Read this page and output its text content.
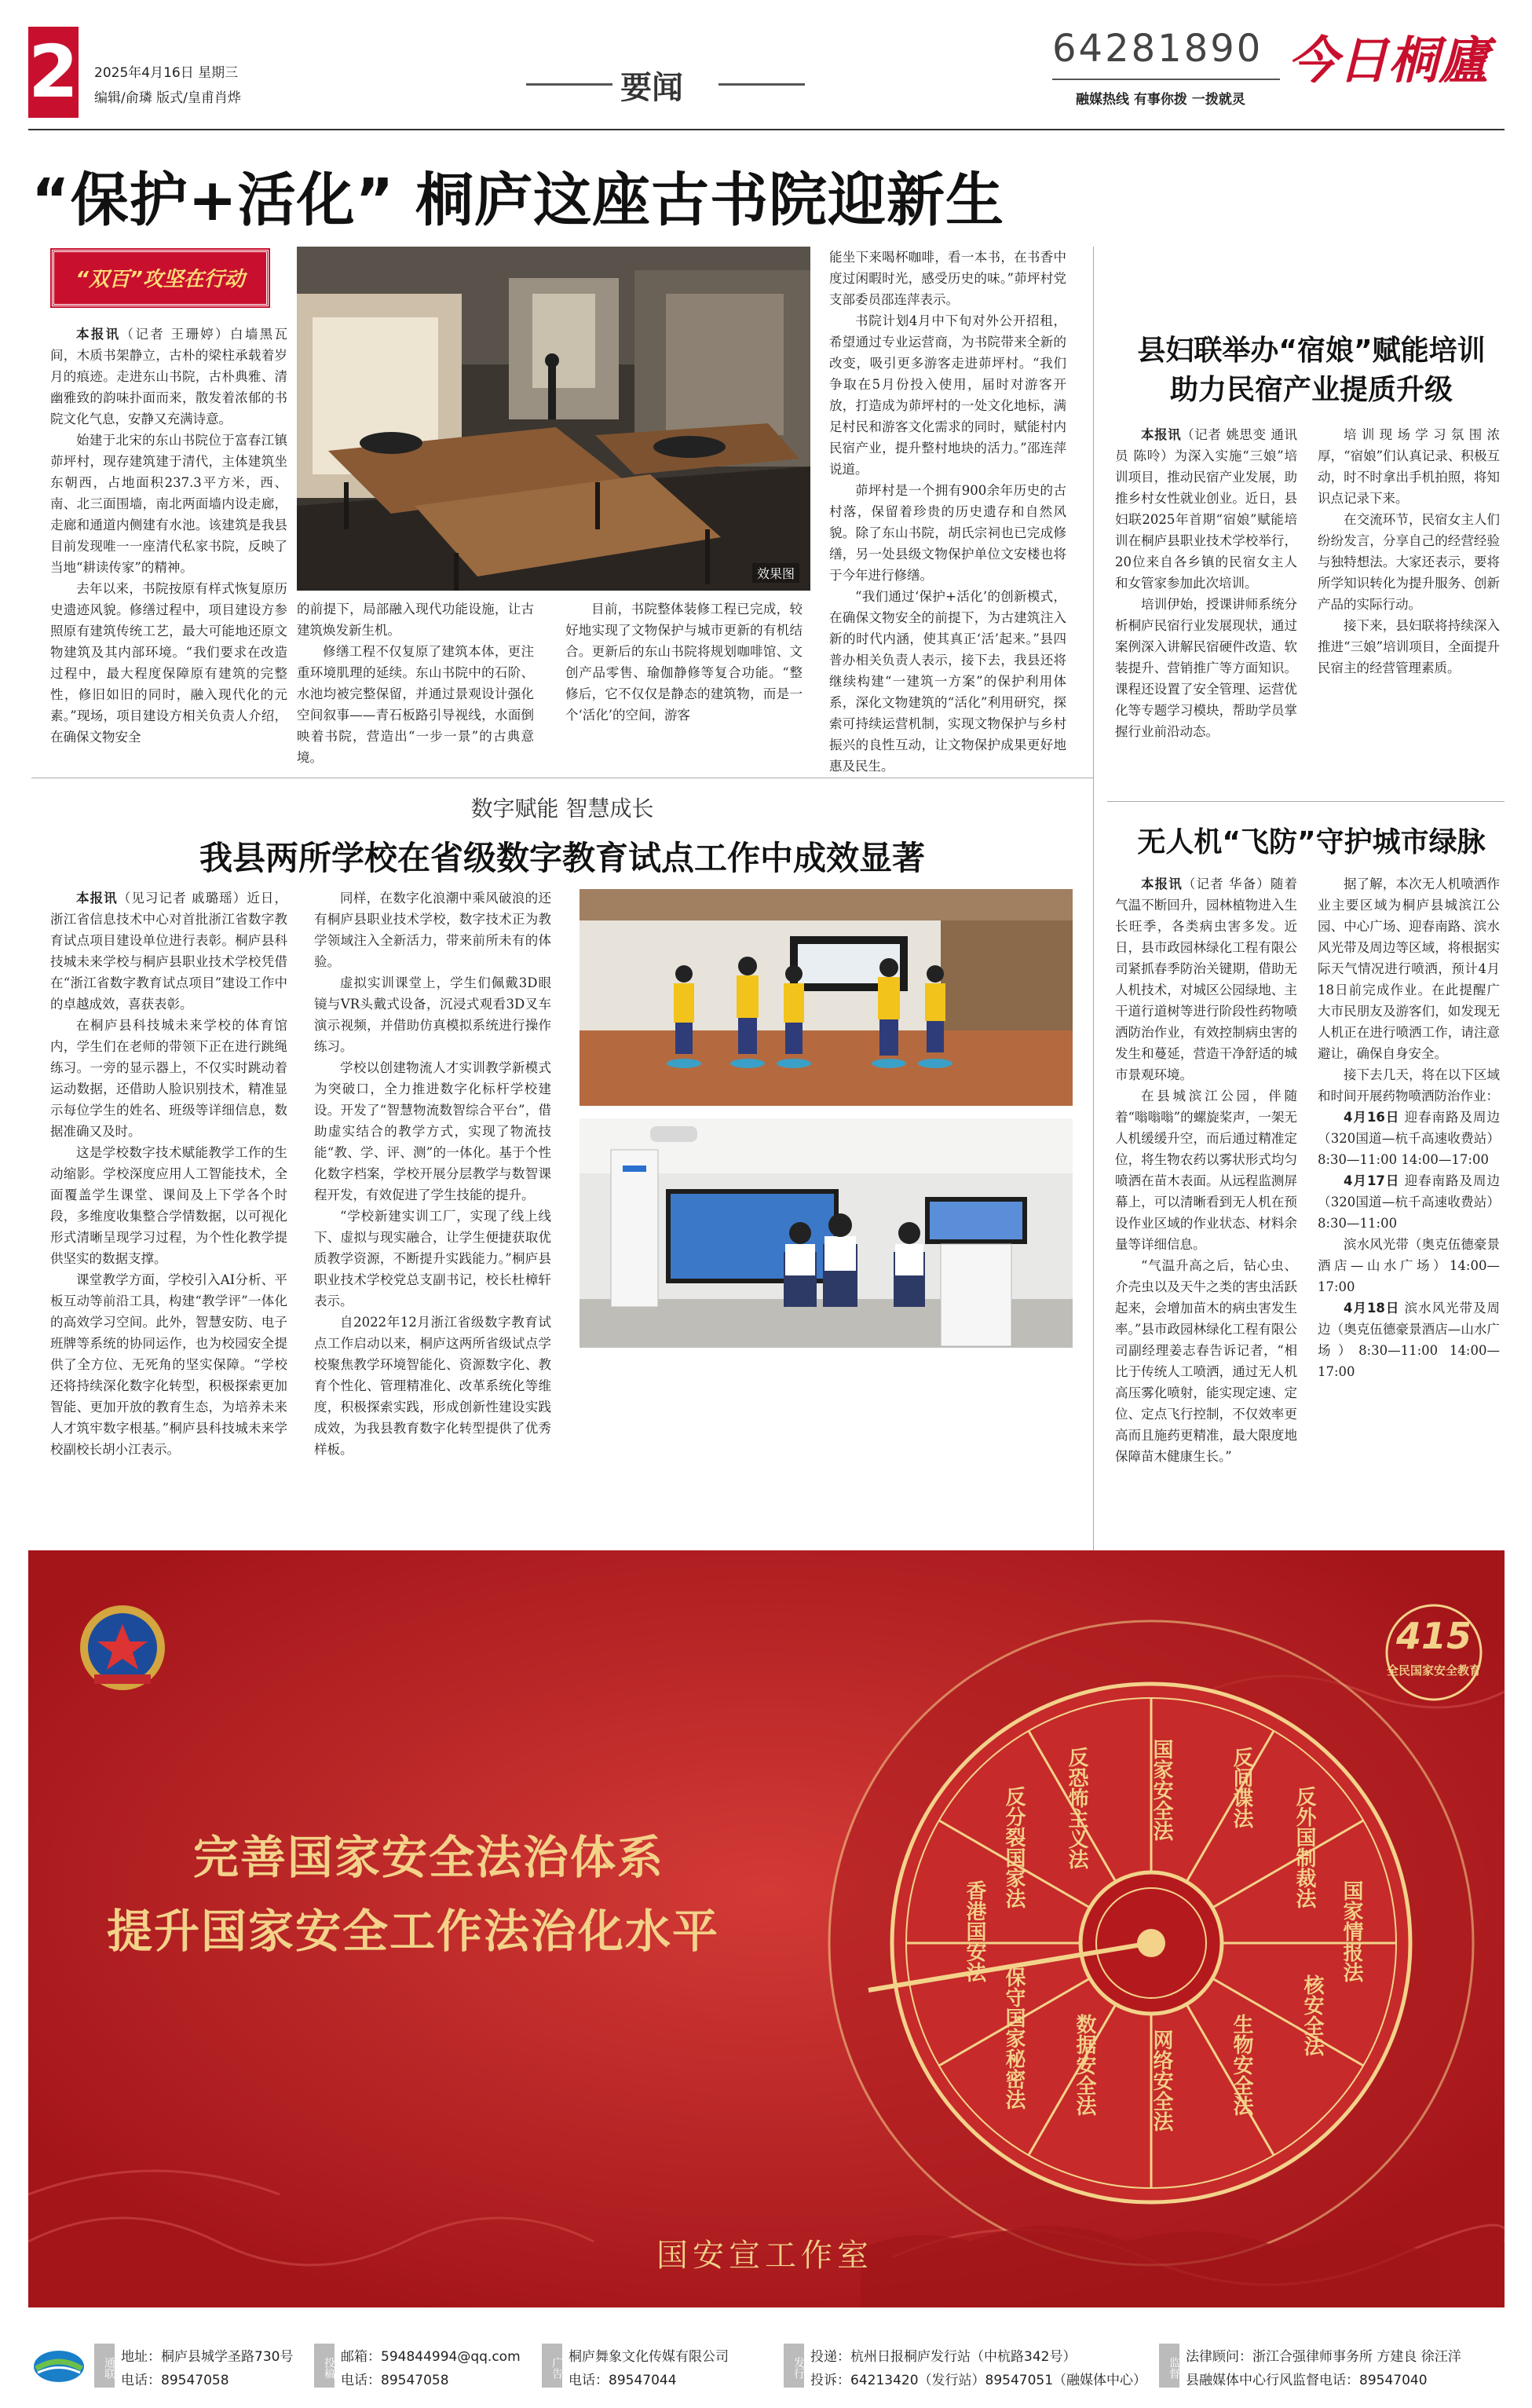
2 2025年4月16日 星期三
编辑/俞璘 版式/皇甫肖烨	要闻
64281890
融媒热线 有事你拨 一拨就灵
今日桐廬
“保护+活化” 桐庐这座古书院迎新生
“双百”攻坚在行动

本报讯（记者 王珊婷）白墙黑瓦间，木质书架静立，古朴的梁柱承载着岁月的痕迹。走进东山书院，古朴典雅、清幽雅致的韵味扑面而来，散发着浓郁的书院文化气息，安静又充满诗意。

始建于北宋的东山书院位于富春江镇茆坪村，现存建筑建于清代，主体建筑坐东朝西，占地面积237.3平方米，西、南、北三面围墙，南北两面墙内设走廊，走廊和通道内侧建有水池。该建筑是我县目前发现唯一一座清代私家书院，反映了当地“耕读传家”的精神。

去年以来，书院按原有样式恢复原历史遗迹风貌。修缮过程中，项目建设方参照原有建筑传统工艺，最大可能地还原文物建筑及其内部环境。“我们要求在改造过程中，最大程度保障原有建筑的完整性，修旧如旧的同时，融入现代化的元素。”现场，项目建设方相关负责人介绍，在确保文物安全

效果图

的前提下，局部融入现代功能设施，让古建筑焕发新生机。

修缮工程不仅复原了建筑本体，更注重环境肌理的延续。东山书院中的石阶、水池均被完整保留，并通过景观设计强化空间叙事——青石板路引导视线，水面倒映着书院，营造出“一步一景”的古典意境。

目前，书院整体装修工程已完成，较好地实现了文物保护与城市更新的有机结合。更新后的东山书院将规划咖啡馆、文创产品零售、瑜伽静修等复合功能。“整修后，它不仅仅是静态的建筑物，而是一个‘活化’的空间，游客

能坐下来喝杯咖啡，看一本书，在书香中度过闲暇时光，感受历史的味。”茆坪村党支部委员邵连萍表示。

书院计划4月中下旬对外公开招租，希望通过专业运营商，为书院带来全新的改变，吸引更多游客走进茆坪村。“我们争取在5月份投入使用，届时对游客开放，打造成为茆坪村的一处文化地标，满足村民和游客文化需求的同时，赋能村内民宿产业，提升整村地块的活力。”邵连萍说道。

茆坪村是一个拥有900余年历史的古村落，保留着珍贵的历史遗存和自然风貌。除了东山书院，胡氏宗祠也已完成修缮，另一处县级文物保护单位文安楼也将于今年进行修缮。

“我们通过‘保护+活化’的创新模式，在确保文物安全的前提下，为古建筑注入新的时代内涵，使其真正‘活’起来。”县四普办相关负责人表示，接下去，我县还将继续构建“一建筑一方案”的保护利用体系，深化文物建筑的“活化”利用研究，探索可持续运营机制，实现文物保护与乡村振兴的良性互动，让文物保护成果更好地惠及民生。

县妇联举办“宿娘”赋能培训
助力民宿产业提质升级

本报讯（记者 姚思变 通讯员 陈呤）为深入实施“三娘”培训项目，推动民宿产业发展，助推乡村女性就业创业。近日，县妇联2025年首期“宿娘”赋能培训在桐庐县职业技术学校举行，20位来自各乡镇的民宿女主人和女管家参加此次培训。

培训伊始，授课讲师系统分析桐庐民宿行业发展现状，通过案例深入讲解民宿硬件改造、软装提升、营销推广等方面知识。课程还设置了安全管理、运营优化等专题学习模块，帮助学员掌握行业前沿动态。

培训现场学习氛围浓厚，“宿娘”们认真记录、积极互动，时不时拿出手机拍照，将知识点记录下来。

在交流环节，民宿女主人们纷纷发言，分享自己的经营经验与独特想法。大家还表示，要将所学知识转化为提升服务、创新产品的实际行动。

接下来，县妇联将持续深入推进“三娘”培训项目，全面提升民宿主的经营管理素质。

数字赋能 智慧成长
我县两所学校在省级数字教育试点工作中成效显著

本报讯（见习记者 戚璐瑶）近日，浙江省信息技术中心对首批浙江省数字教育试点项目建设单位进行表彰。桐庐县科技城未来学校与桐庐县职业技术学校凭借在“浙江省数字教育试点项目”建设工作中的卓越成效，喜获表彰。

在桐庐县科技城未来学校的体育馆内，学生们在老师的带领下正在进行跳绳练习。一旁的显示器上，不仅实时跳动着运动数据，还借助人脸识别技术，精准显示每位学生的姓名、班级等详细信息，数据准确又及时。

这是学校数字技术赋能教学工作的生动缩影。学校深度应用人工智能技术，全面覆盖学生课堂、课间及上下学各个时段，多维度收集整合学情数据，以可视化形式清晰呈现学习过程，为个性化教学提供坚实的数据支撑。

课堂教学方面，学校引入AI分析、平板互动等前沿工具，构建“教学评”一体化的高效学习空间。此外，智慧安防、电子班牌等系统的协同运作，也为校园安全提供了全方位、无死角的坚实保障。“学校还将持续深化数字化转型，积极探索更加智能、更加开放的教育生态，为培养未来人才筑牢数字根基。”桐庐县科技城未来学校副校长胡小江表示。

同样，在数字化浪潮中乘风破浪的还有桐庐县职业技术学校，数字技术正为教学领域注入全新活力，带来前所未有的体验。

虚拟实训课堂上，学生们佩戴3D眼镜与VR头戴式设备，沉浸式观看3D叉车演示视频，并借助仿真模拟系统进行操作练习。

学校以创建物流人才实训教学新模式为突破口，全力推进数字化标杆学校建设。开发了“智慧物流数智综合平台”，借助虚实结合的教学方式，实现了物流技能“教、学、评、测”的一体化。基于个性化数字档案，学校开展分层教学与数智课程开发，有效促进了学生技能的提升。

“学校新建实训工厂，实现了线上线下、虚拟与现实融合，让学生便捷获取优质教学资源，不断提升实践能力。”桐庐县职业技术学校党总支副书记，校长杜樟轩表示。

自2022年12月浙江省级数字教育试点工作启动以来，桐庐这两所省级试点学校聚焦教学环境智能化、资源数字化、教育个性化、管理精准化、改革系统化等维度，积极探索实践，形成创新性建设实践成效，为我县教育数字化转型提供了优秀样板。

无人机“飞防”守护城市绿脉

本报讯（记者 华备）随着气温不断回升，园林植物进入生长旺季，各类病虫害多发。近日，县市政园林绿化工程有限公司紧抓春季防治关键期，借助无人机技术，对城区公园绿地、主干道行道树等进行阶段性药物喷洒防治作业，有效控制病虫害的发生和蔓延，营造干净舒适的城市景观环境。

在县城滨江公园，伴随着“嗡嗡嗡”的螺旋桨声，一架无人机缓缓升空，而后通过精准定位，将生物农药以雾状形式均匀喷洒在苗木表面。从远程监测屏幕上，可以清晰看到无人机在预设作业区域的作业状态、材料余量等详细信息。

“气温升高之后，钻心虫、介壳虫以及天牛之类的害虫活跃起来，会增加苗木的病虫害发生率。”县市政园林绿化工程有限公司副经理姜志春告诉记者，“相比于传统人工喷洒，通过无人机高压雾化喷射，能实现定速、定位、定点飞行控制，不仅效率更高而且施药更精准，最大限度地保障苗木健康生长。”

据了解，本次无人机喷洒作业主要区域为桐庐县城滨江公园、中心广场、迎春南路、滨水风光带及周边等区域，将根据实际天气情况进行喷洒，预计4月18日前完成作业。在此提醒广大市民朋友及游客们，如发现无人机正在进行喷洒工作，请注意避让，确保自身安全。

接下去几天，将在以下区域和时间开展药物喷洒防治作业：

4月16日 迎春南路及周边（320国道—杭千高速收费站）8:30—11:00 14:00—17:00

4月17日 迎春南路及周边（320国道—杭千高速收费站）8:30—11:00

滨水风光带（奥克伍德豪景酒店—山水广场）14:00—17:00

4月18日 滨水风光带及周边（奥克伍德豪景酒店—山水广场）8:30—11:00 14:00—17:00

415
全民国家安全教育
完善国家安全法治体系
提升国家安全工作法治化水平
国家安全法	反间谍法
反恐怖主义法
反分裂国家法	反外国制裁法
国家情报法
网络安全法
数据安全法	生物安全法	核安全法
保守国家秘密法
香港国安法
国安宣工作室
通联 地址：桐庐县城学圣路730号
电话：89547058
投稿 邮箱：594844994@qq.com
电话：89547058
广告 桐庐舞象文化传媒有限公司
电话：89547044
发行 投递：杭州日报桐庐发行站（中杭路342号）
投诉：64213420（发行站）89547051（融媒体中心）
监督 法律顾问：浙江合强律师事务所 方建良 徐汪洋
县融媒体中心行风监督电话：89547040
